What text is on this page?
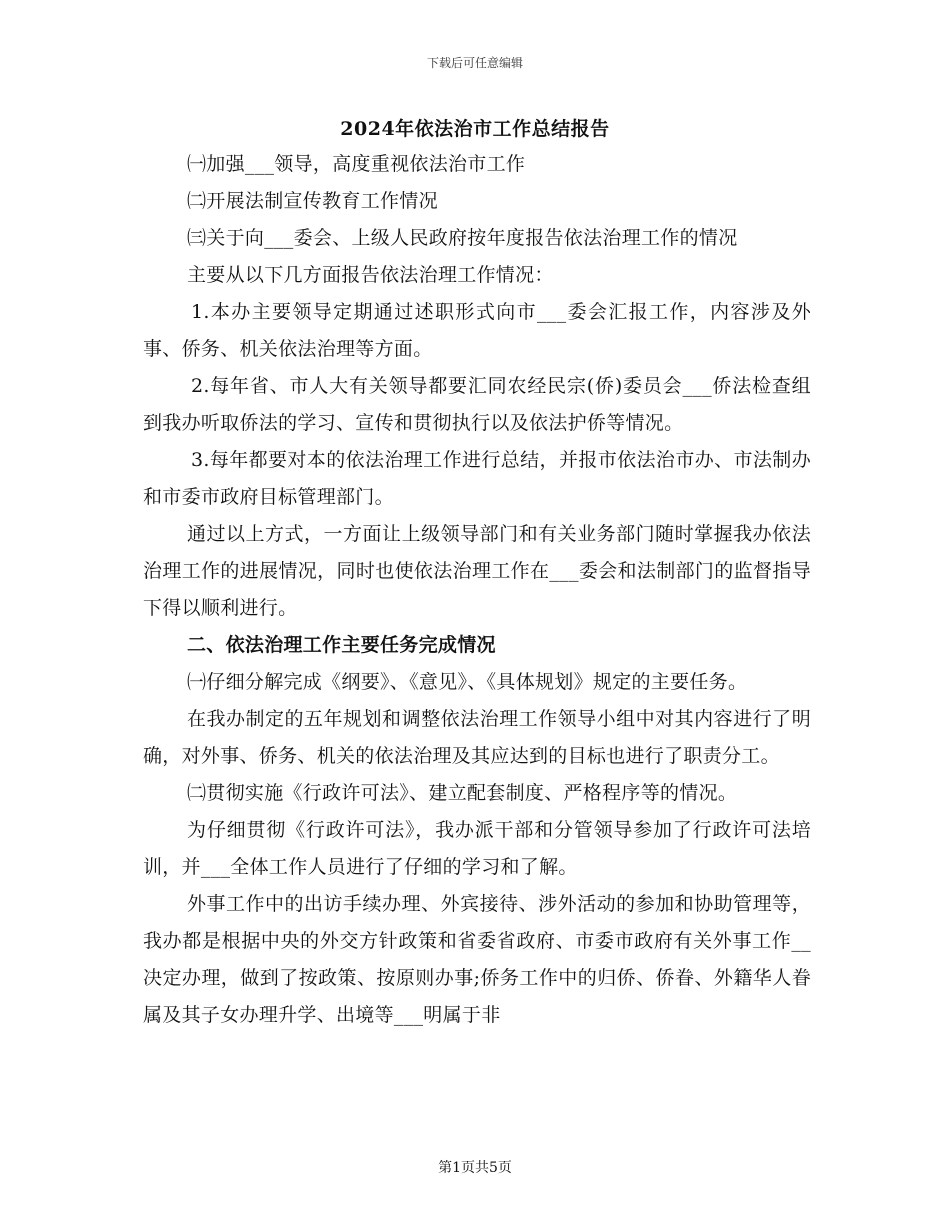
下载后可任意编辑
2024年依法治市工作总结报告

㈠加强___领导，高度重视依法治市工作

㈡开展法制宣传教育工作情况

㈢关于向___委会、上级人民政府按年度报告依法治理工作的情况

主要从以下几方面报告依法治理工作情况：

1.本办主要领导定期通过述职形式向市___委会汇报工作，内容涉及外事、侨务、机关依法治理等方面。

2.每年省、市人大有关领导都要汇同农经民宗(侨)委员会___侨法检查组到我办听取侨法的学习、宣传和贯彻执行以及依法护侨等情况。

3.每年都要对本的依法治理工作进行总结，并报市依法治市办、市法制办和市委市政府目标管理部门。

通过以上方式，一方面让上级领导部门和有关业务部门随时掌握我办依法治理工作的进展情况，同时也使依法治理工作在___委会和法制部门的监督指导下得以顺利进行。

二、依法治理工作主要任务完成情况

㈠仔细分解完成《纲要》、《意见》、《具体规划》规定的主要任务。

在我办制定的五年规划和调整依法治理工作领导小组中对其内容进行了明确，对外事、侨务、机关的依法治理及其应达到的目标也进行了职责分工。

㈡贯彻实施《行政许可法》、建立配套制度、严格程序等的情况。

为仔细贯彻《行政许可法》，我办派干部和分管领导参加了行政许可法培训，并___全体工作人员进行了仔细的学习和了解。

外事工作中的出访手续办理、外宾接待、涉外活动的参加和协助管理等，我办都是根据中央的外交方针政策和省委省政府、市委市政府有关外事工作__决定办理，做到了按政策、按原则办事;侨务工作中的归侨、侨眷、外籍华人眷属及其子女办理升学、出境等___明属于非

第1页共5页
